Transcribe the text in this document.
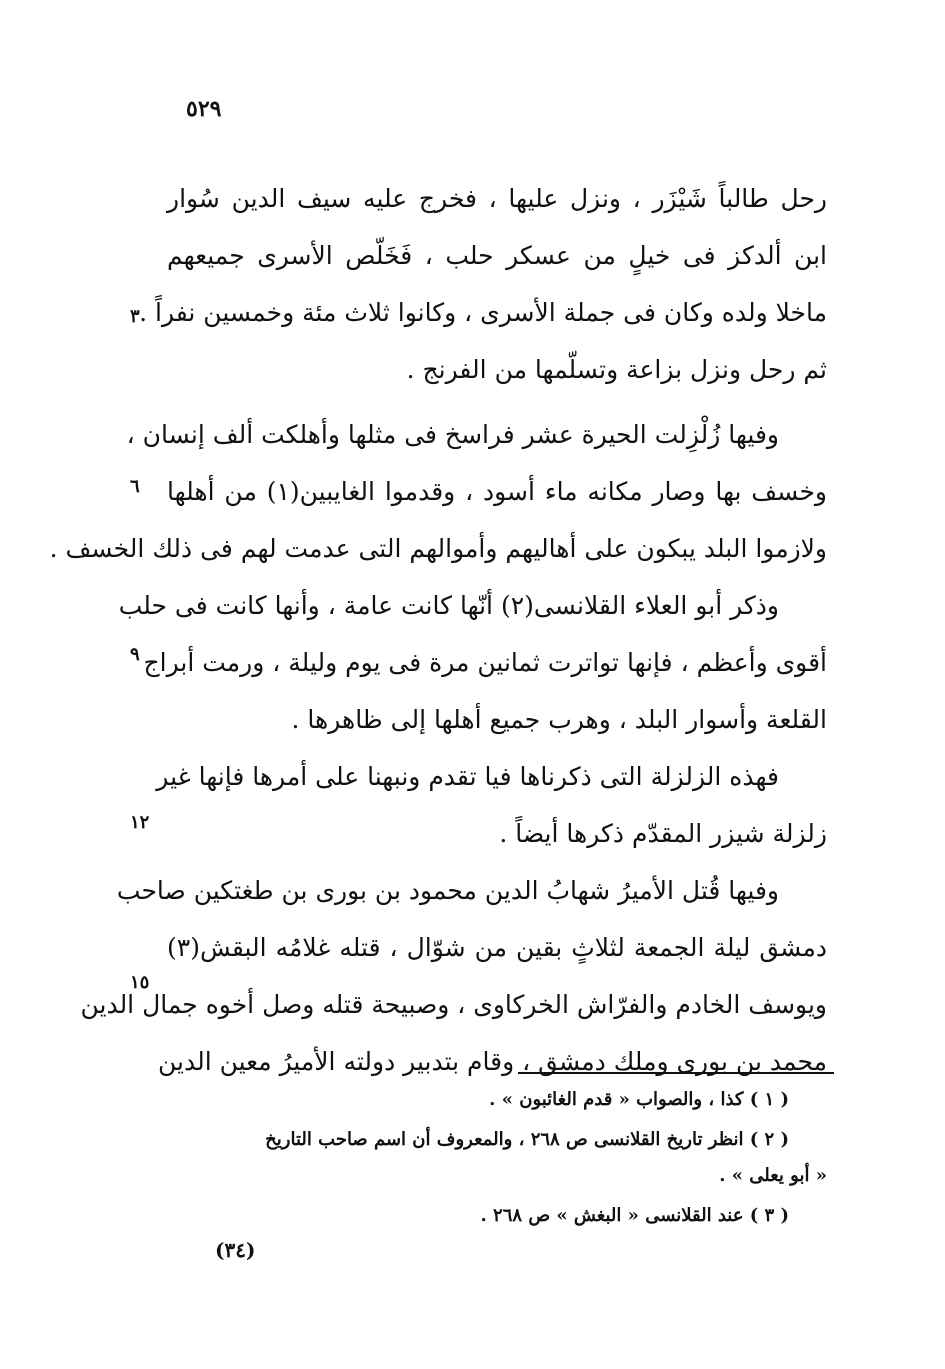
٥٢٩
رحل طالباً شَيْزَر ، ونزل عليها ، فخرج عليه سيف الدين سُوار
ابن ألدكز فى خيلٍ من عسكر حلب ، فَخَلّص الأسرى جميعهم
ماخلا ولده وكان فى جملة الأسرى ، وكانوا ثلاث مئة وخمسين نفراً .
ثم رحل ونزل بزاعة وتسلّمها من الفرنج .
وفيها زُلْزِلت الحيرة عشر فراسخ فى مثلها وأهلكت ألف إنسان ،
وخسف بها وصار مكانه ماء أسود ، وقدموا الغايبين(١) من أهلها
ولازموا البلد يبكون على أهاليهم وأموالهم التى عدمت لهم فى ذلك الخسف .
وذكر أبو العلاء القلانسى(٢) أنّها كانت عامة ، وأنها كانت فى حلب
أقوى وأعظم ، فإنها تواترت ثمانين مرة فى يوم وليلة ، ورمت أبراج
القلعة وأسوار البلد ، وهرب جميع أهلها إلى ظاهرها .
فهذه الزلزلة التى ذكرناها فيا تقدم ونبهنا على أمرها فإنها غير
زلزلة شيزر المقدّم ذكرها أيضاً .
وفيها قُتل الأميرُ شهابُ الدين محمود بن بورى بن طغتكين صاحب
دمشق ليلة الجمعة لثلاثٍ بقين من شوّال ، قتله غلامُه البقش(٣)
ويوسف الخادم والفرّاش الخركاوى ، وصبيحة قتله وصل أخوه جمال الدين
محمد بن بورى وملك دمشق ، وقام بتدبير دولته الأميرُ معين الدين
٣
٦
٩
١٢
١٥
( ١ ) كذا ، والصواب « قدم الغائبون » .
( ٢ ) انظر تاريخ القلانسى ص ٢٦٨ ، والمعروف أن اسم صاحب التاريخ
« أبو يعلى » .
( ٣ ) عند القلانسى « البغش » ص ٢٦٨ .
(٣٤)
